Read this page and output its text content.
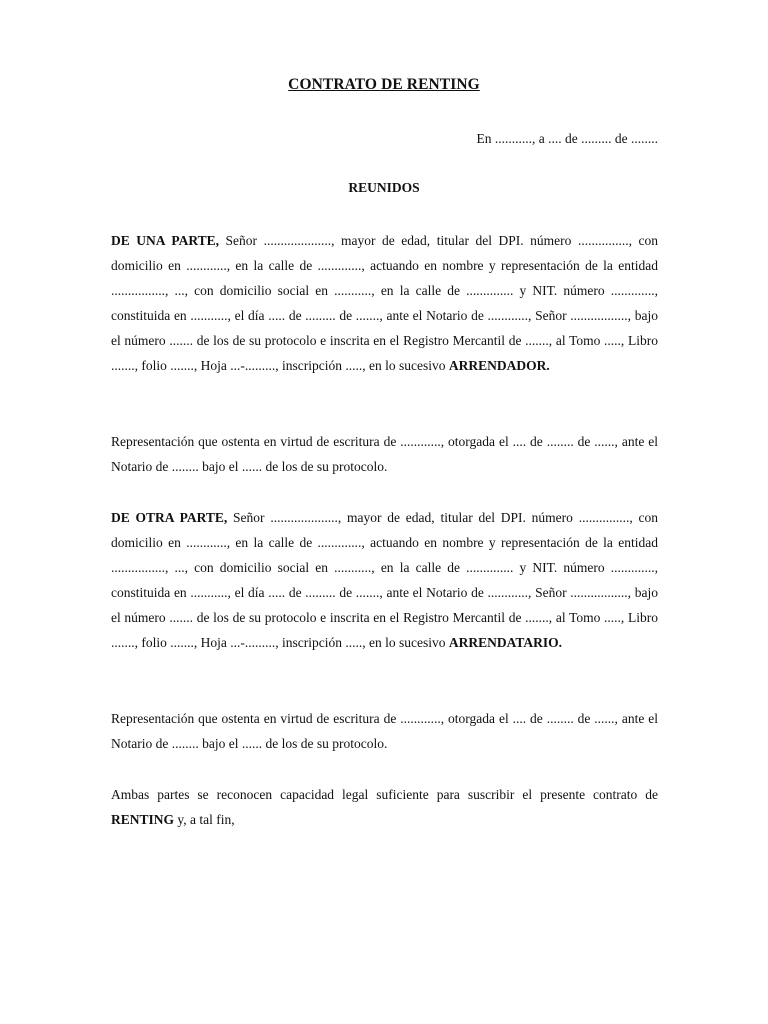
CONTRATO DE RENTING
En ..........., a .... de ......... de ........
REUNIDOS
DE UNA PARTE, Señor ...................., mayor de edad, titular del DPI. número ..............., con domicilio en ............, en la calle de ............., actuando en nombre y representación de la entidad ................, ..., con domicilio social en ..........., en la calle de .............. y NIT. número ............., constituida en ..........., el día ..... de ......... de ......., ante el Notario de ............, Señor ................., bajo el número ....... de los de su protocolo e inscrita en el Registro Mercantil de ......., al Tomo ....., Libro ......., folio ......., Hoja ...-........., inscripción ....., en lo sucesivo ARRENDADOR.
Representación que ostenta en virtud de escritura de ............, otorgada el .... de ........ de ......, ante el Notario de ........ bajo el ...... de los de su protocolo.
DE OTRA PARTE, Señor ...................., mayor de edad, titular del DPI. número ..............., con domicilio en ............, en la calle de ............., actuando en nombre y representación de la entidad ................, ..., con domicilio social en ..........., en la calle de .............. y NIT. número ............., constituida en ..........., el día ..... de ......... de ......., ante el Notario de ............, Señor ................., bajo el número ....... de los de su protocolo e inscrita en el Registro Mercantil de ......., al Tomo ....., Libro ......., folio ......., Hoja ...-........., inscripción ....., en lo sucesivo ARRENDATARIO.
Representación que ostenta en virtud de escritura de ............, otorgada el .... de ........ de ......, ante el Notario de ........ bajo el ...... de los de su protocolo.
Ambas partes se reconocen capacidad legal suficiente para suscribir el presente contrato de RENTING y, a tal fin,
